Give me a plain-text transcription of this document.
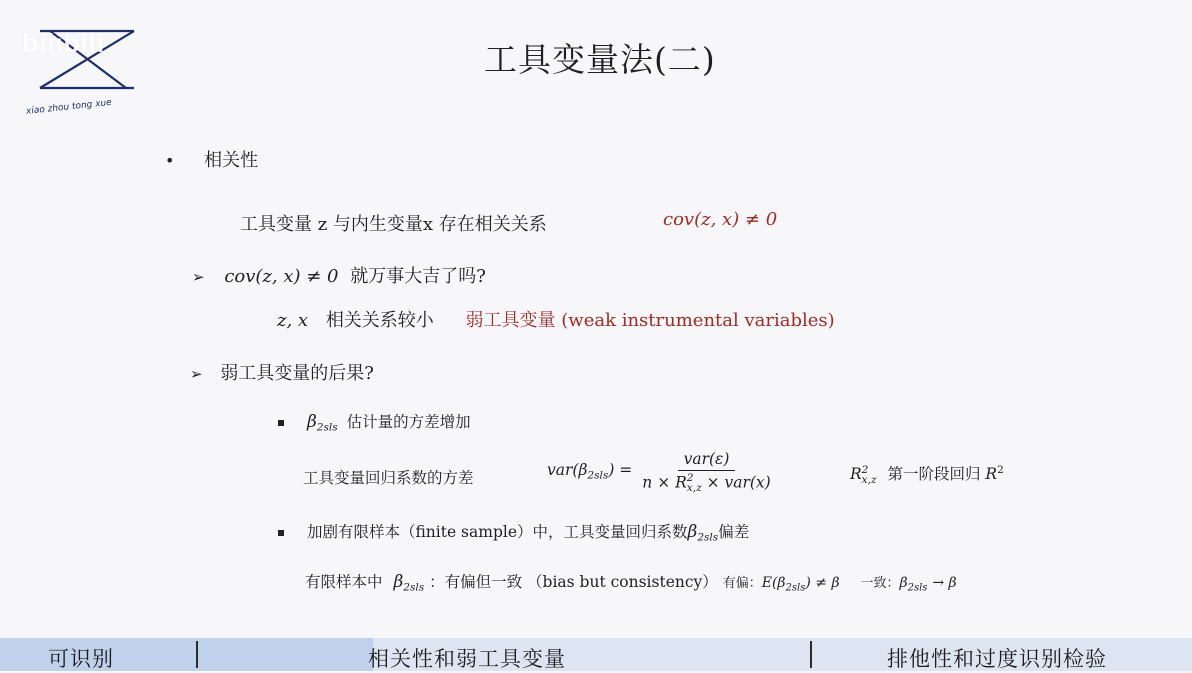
xiao zhou tong xue
bilibili	工具变量法(二)
• 相关性
工具变量 z 与内生变量x 存在相关关系	cov(z, x) ≠ 0
➢ cov(z, x) ≠ 0 就万事大吉了吗?
z, x 相关关系较小 弱工具变量 (weak instrumental variables)
➢ 弱工具变量的后果?
$\beta_{2sls}$ 估计量的方差增加
工具变量回归系数的方差	$var(\beta_{2sls}) = var(\varepsilon)$
n × R 2
x,z × var(x)	R 2
x,z 第一阶段回归 $R^2$
加剧有限样本（finite sample）中，工具变量回归系数$\beta_{2sls}$偏差
有限样本中 $\beta_{2sls}$ ：有偏但一致 （bias but consistency） 有偏：$E(\beta_{2sls}) \ne \beta$ 一致：$\beta_{2sls} \to \beta$
可识别	相关性和弱工具变量	排他性和过度识别检验
